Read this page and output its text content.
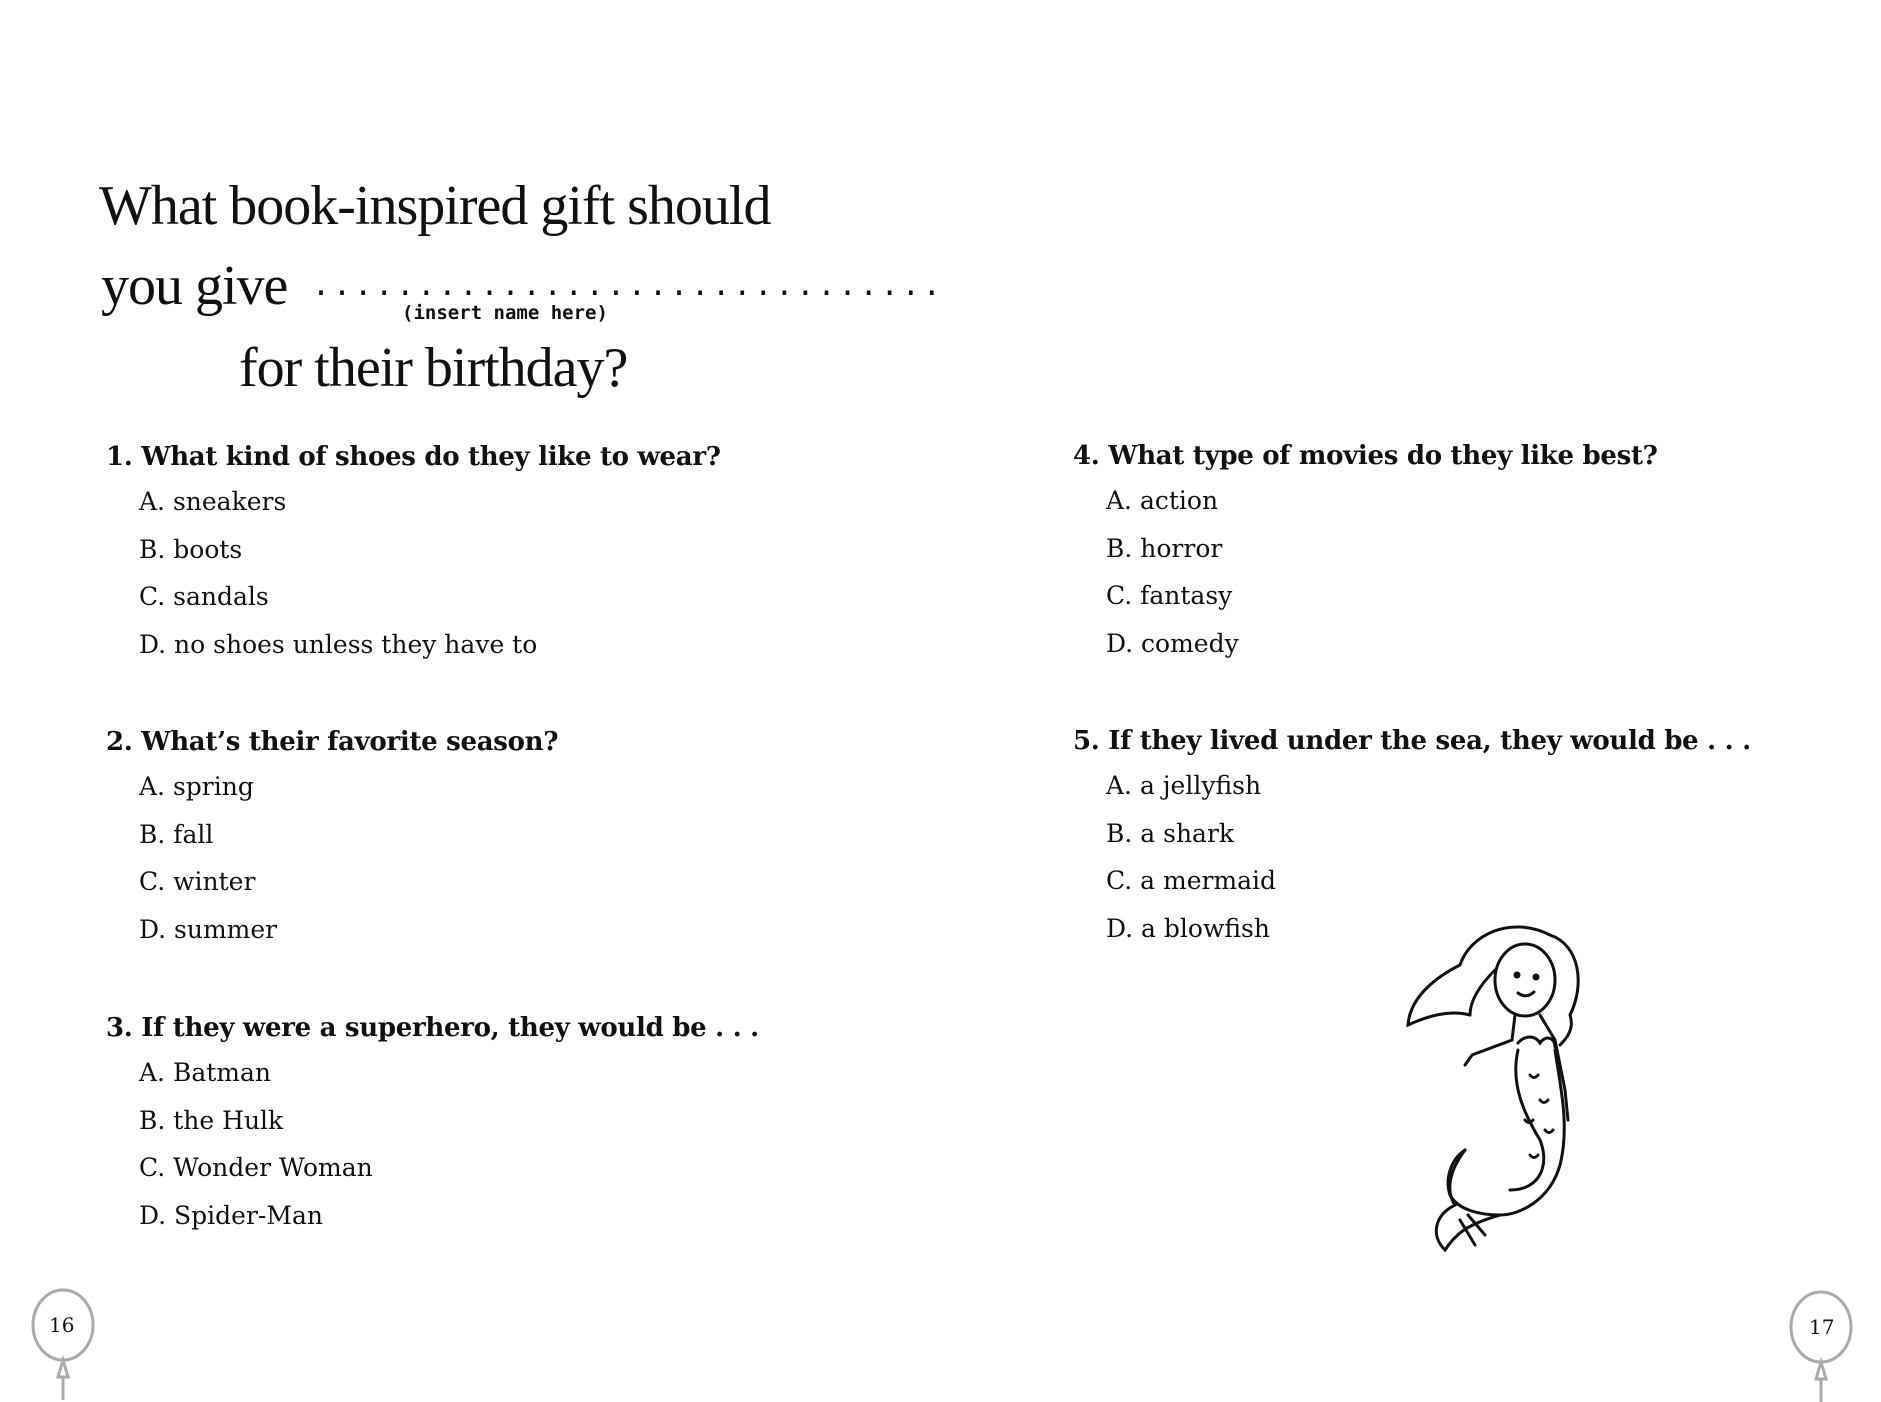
What book-inspired gift should
you give ..............................
(insert name here)
for their birthday?
1. What kind of shoes do they like to wear?
A. sneakers
B. boots
C. sandals
D. no shoes unless they have to
2. What’s their favorite season?
A. spring
B. fall
C. winter
D. summer
3. If they were a superhero, they would be . . .
A. Batman
B. the Hulk
C. Wonder Woman
D. Spider-Man
4. What type of movies do they like best?
A. action
B. horror
C. fantasy
D. comedy
5. If they lived under the sea, they would be . . .
A. a jellyfish
B. a shark
C. a mermaid
D. a blowfish
16	17
